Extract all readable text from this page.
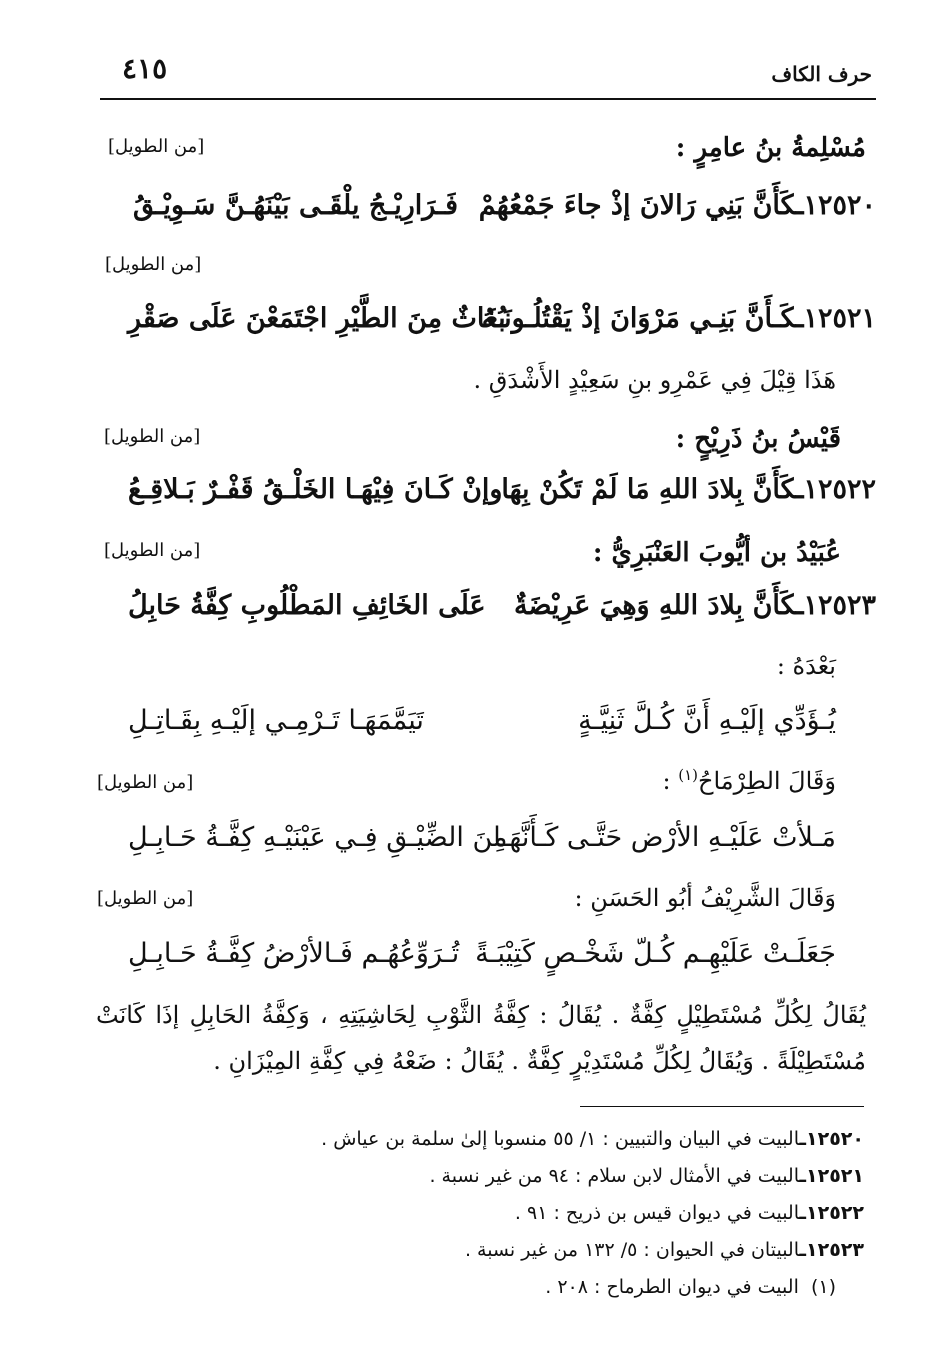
٤١٥	حرف الكاف
مُسْلِمةُ بنُ عامِرٍ :
[من الطويل]
١٢٥٢٠ـكَأَنَّ بَنِي رَالانَ إذْ جاءَ جَمْعُهُمْ
فَـرَارِيْـجُ يلْقَـى بَيْنَهُـنَّ سَـوِيْـقُ
[من الطويل]
١٢٥٢١ـكَـأَنَّ بَنِـي مَرْوَانَ إذْ يَقْتُلُـونَـهُ
بُغَاثٌ مِنَ الطَّيْرِ اجْتَمَعْنَ عَلَى صَقْرِ
هَذَا قِيْلَ فِي عَمْرِو بنِ سَعِيْدٍ الأَشْدَقِ .
قَيْسُ بنُ ذَرِيْحٍ :
[من الطويل]
١٢٥٢٢ـكَأَنَّ بِلادَ اللهِ مَا لَمْ تَكُنْ بِهَا
وإنْ كَـانَ فِيْهَـا الخَلْـقُ قَفْـرٌ بَـلاقِـعُ
عُبَيْدُ بن أيُّوبَ العَنْبَرِيُّ :
[من الطويل]
١٢٥٢٣ـكَأَنَّ بِلادَ اللهِ وَهِيَ عَرِيْضَةٌ
عَلَى الخَائِفِ المَطْلُوبِ كِفَّةُ حَابِلُ
بَعْدَهُ :
يُـؤَدِّي إلَيْـهِ أَنَّ كُـلَّ ثَنِيَّـةٍ
تَيَمَّمَهَـا تَـرْمِـي إلَيْـهِ بِقَـاتِـلِ
وَقَالَ الطِرْمَاحُ$^{(١)}$ :
[من الطويل]
مَـلأتْ عَلَيْـهِ الأرْض حَتَّـى كَـأَنَّهَـا
مِنَ الضِّيْـقِ فِـي عَيْنَيْـهِ كِفَّـةُ حَـابِـلِ
وَقَالَ الشَّرِيْفُ أبُو الحَسَنِ :
[من الطويل]
جَعَلَـتْ عَلَيْهِـم كُـلّ شَخْـصٍ كَتِيْبَـةً
تُـرَوِّعُهُـم فَـالأرْضُ كِفَّـةُ حَـابِـلِ
يُقَالُ لِكُلِّ مُسْتَطِيْلٍ كِفَّةٌ . يُقَالُ : كِفَّةُ الثَّوْبِ لِحَاشِيَتِهِ ، وَكِفَّةُ الحَابِلِ إذَا كَانَتْ مُسْتَطِيْلَةً . وَيُقَالُ لِكُلِّ مُسْتَدِيْرٍ كِفَّةٌ . يُقَالُ : ضَعْهُ فِي كِفَّةِ المِيْزَانِ .
١٢٥٢٠ـالبيت في البيان والتبيين : ١/ ٥٥ منسوبا إلىٰ سلمة بن عياش .
١٢٥٢١ـالبيت في الأمثال لابن سلام : ٩٤ من غير نسبة .
١٢٥٢٢ـالبيت في ديوان قيس بن ذريح : ٩١ .
١٢٥٢٣ـالبيتان في الحيوان : ٥/ ١٣٢ من غير نسبة .
(١)  البيت في ديوان الطرماح : ٢٠٨ .
